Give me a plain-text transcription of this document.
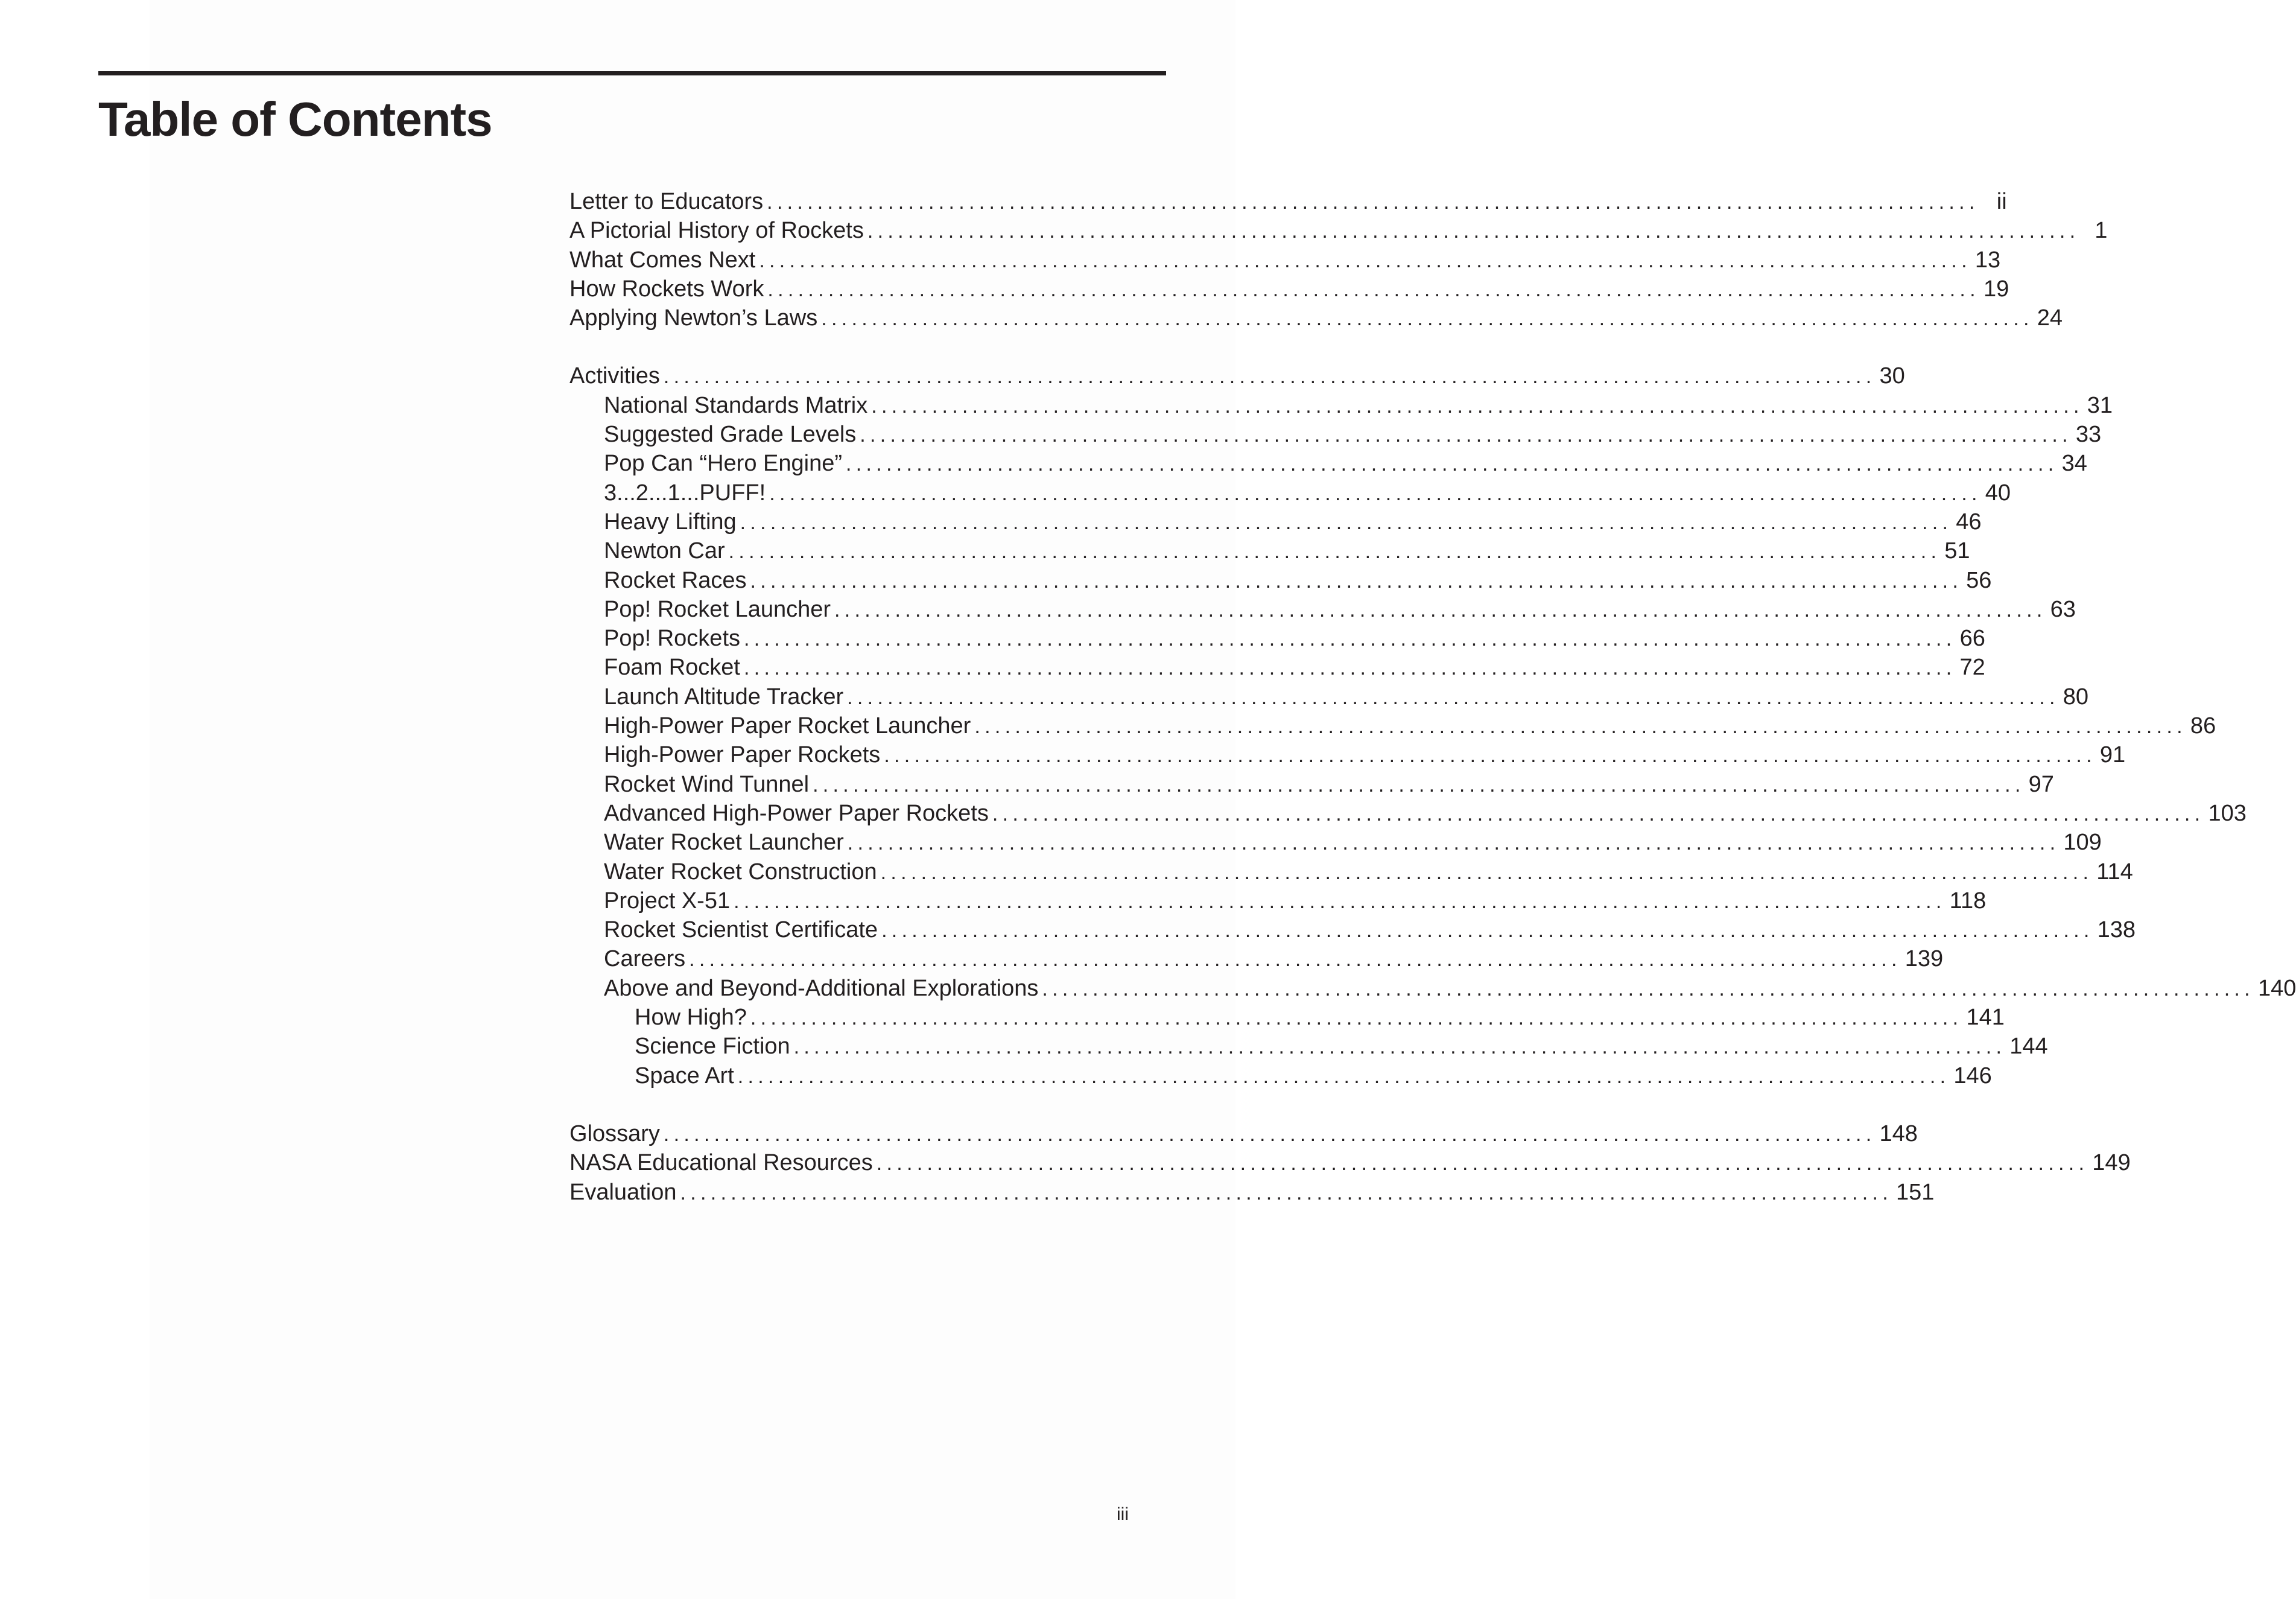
Table of Contents
Letter to Educators ........................................................................................................................ ii
A Pictorial History of Rockets ........................................................................................................................ 1
What Comes Next ........................................................................................................................ 13
How Rockets Work ........................................................................................................................ 19
Applying Newton’s Laws ........................................................................................................................ 24
Activities ........................................................................................................................ 30
National Standards Matrix ........................................................................................................................ 31
Suggested Grade Levels ........................................................................................................................ 33
Pop Can “Hero Engine” ........................................................................................................................ 34
3...2...1...PUFF! ........................................................................................................................ 40
Heavy Lifting ........................................................................................................................ 46
Newton Car ........................................................................................................................ 51
Rocket Races ........................................................................................................................ 56
Pop! Rocket Launcher ........................................................................................................................ 63
Pop! Rockets ........................................................................................................................ 66
Foam Rocket ........................................................................................................................ 72
Launch Altitude Tracker ........................................................................................................................ 80
High-Power Paper Rocket Launcher ........................................................................................................................ 86
High-Power Paper Rockets ........................................................................................................................ 91
Rocket Wind Tunnel ........................................................................................................................ 97
Advanced High-Power Paper Rockets ........................................................................................................................ 103
Water Rocket Launcher ........................................................................................................................ 109
Water Rocket Construction ........................................................................................................................ 114
Project X-51 ........................................................................................................................ 118
Rocket Scientist Certificate ........................................................................................................................ 138
Careers ........................................................................................................................ 139
Above and Beyond-Additional Explorations ........................................................................................................................ 140
How High? ........................................................................................................................ 141
Science Fiction ........................................................................................................................ 144
Space Art ........................................................................................................................ 146
Glossary ........................................................................................................................ 148
NASA Educational Resources ........................................................................................................................ 149
Evaluation ........................................................................................................................ 151
iii
